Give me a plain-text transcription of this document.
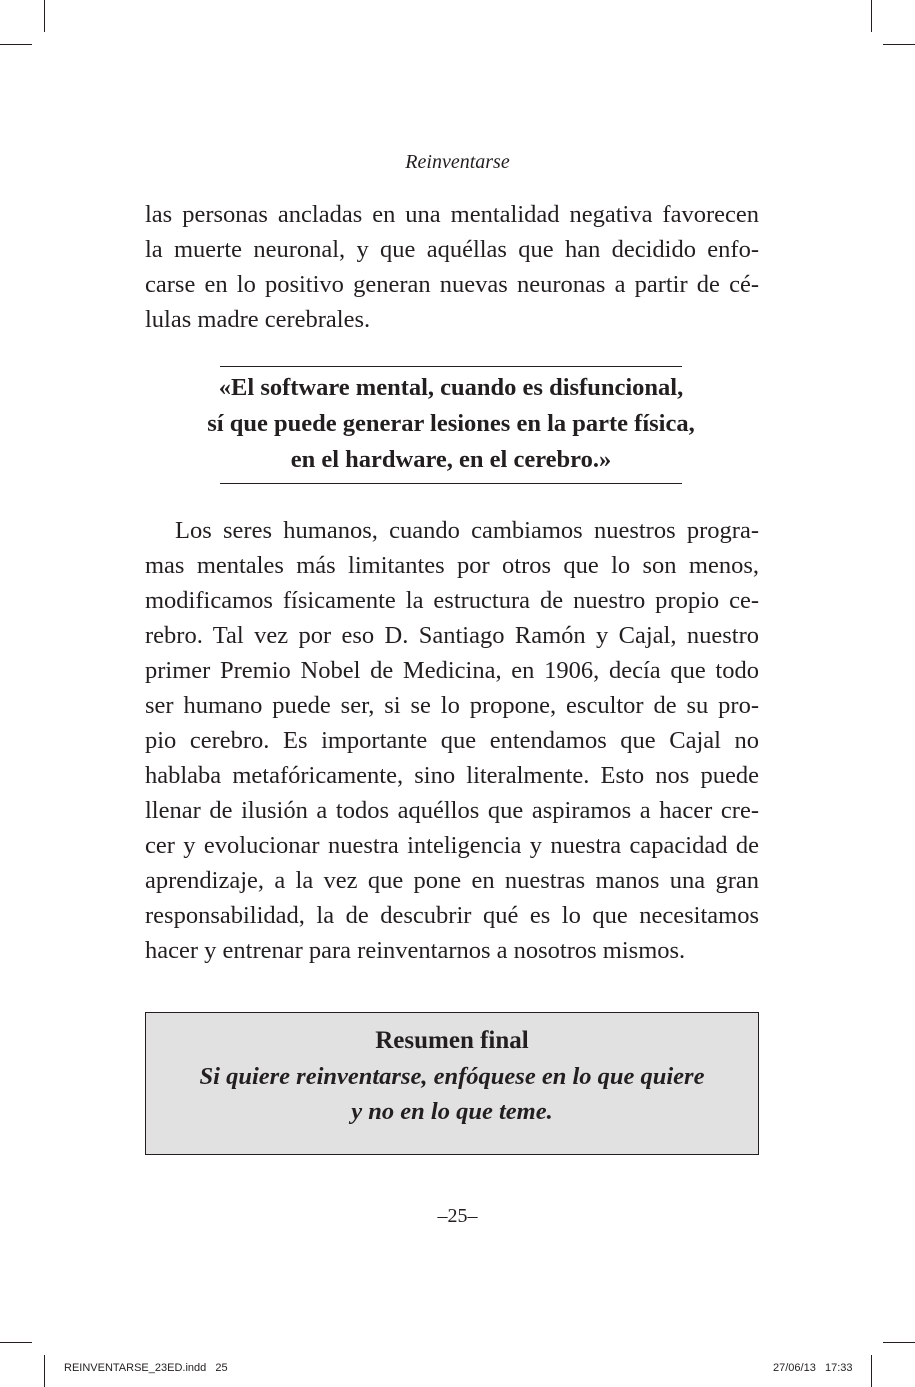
Reinventarse
las personas ancladas en una mentalidad negativa favorecen
la muerte neuronal, y que aquéllas que han decidido enfo-
carse en lo positivo generan nuevas neuronas a partir de cé-
lulas madre cerebrales.
«El software mental, cuando es disfuncional,
sí que puede generar lesiones en la parte física,
en el hardware, en el cerebro.»
Los seres humanos, cuando cambiamos nuestros progra-
mas mentales más limitantes por otros que lo son menos,
modificamos físicamente la estructura de nuestro propio ce-
rebro. Tal vez por eso D. Santiago Ramón y Cajal, nuestro
primer Premio Nobel de Medicina, en 1906, decía que todo
ser humano puede ser, si se lo propone, escultor de su pro-
pio cerebro. Es importante que entendamos que Cajal no
hablaba metafóricamente, sino literalmente. Esto nos puede
llenar de ilusión a todos aquéllos que aspiramos a hacer cre-
cer y evolucionar nuestra inteligencia y nuestra capacidad de
aprendizaje, a la vez que pone en nuestras manos una gran
responsabilidad, la de descubrir qué es lo que necesitamos
hacer y entrenar para reinventarnos a nosotros mismos.
Resumen final
Si quiere reinventarse, enfóquese en lo que quiere
y no en lo que teme.
–25–
REINVENTARSE_23ED.indd   25	27/06/13   17:33
